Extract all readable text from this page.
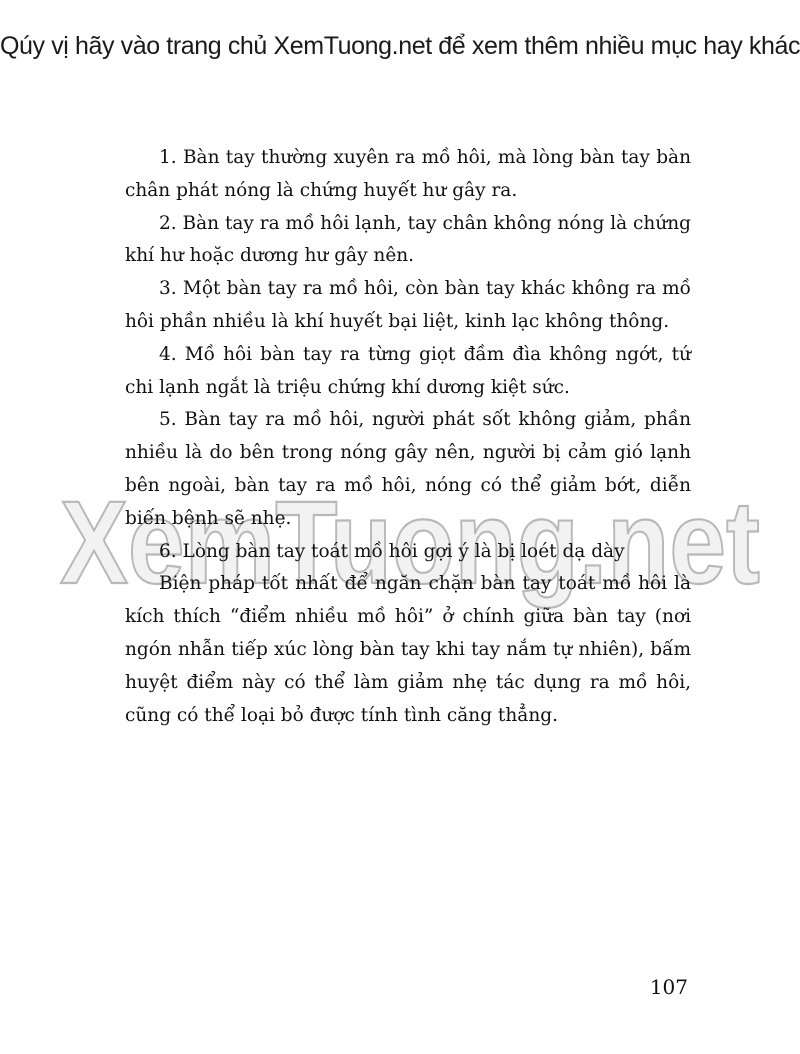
Qúy vị hãy vào trang chủ XemTuong.net để xem thêm nhiều mục hay khác
XemTuong.net

1. Bàn tay thường xuyên ra mồ hôi, mà lòng bàn tay bàn chân phát nóng là chứng huyết hư gây ra.

2. Bàn tay ra mồ hôi lạnh, tay chân không nóng là chứng khí hư hoặc dương hư gây nên.

3. Một bàn tay ra mồ hôi, còn bàn tay khác không ra mồ hôi phần nhiều là khí huyết bại liệt, kinh lạc không thông.

4. Mồ hôi bàn tay ra từng giọt đầm đìa không ngớt, tứ chi lạnh ngắt là triệu chứng khí dương kiệt sức.

5. Bàn tay ra mồ hôi, người phát sốt không giảm, phần nhiều là do bên trong nóng gây nên, người bị cảm gió lạnh bên ngoài, bàn tay ra mồ hôi, nóng có thể giảm bớt, diễn biến bệnh sẽ nhẹ.

6. Lòng bàn tay toát mồ hôi gợi ý là bị loét dạ dày

Biện pháp tốt nhất để ngăn chặn bàn tay toát mồ hôi là kích thích “điểm nhiều mồ hôi” ở chính giữa bàn tay (nơi ngón nhẫn tiếp xúc lòng bàn tay khi tay nắm tự nhiên), bấm huyệt điểm này có thể làm giảm nhẹ tác dụng ra mồ hôi, cũng có thể loại bỏ được tính tình căng thẳng.

107
